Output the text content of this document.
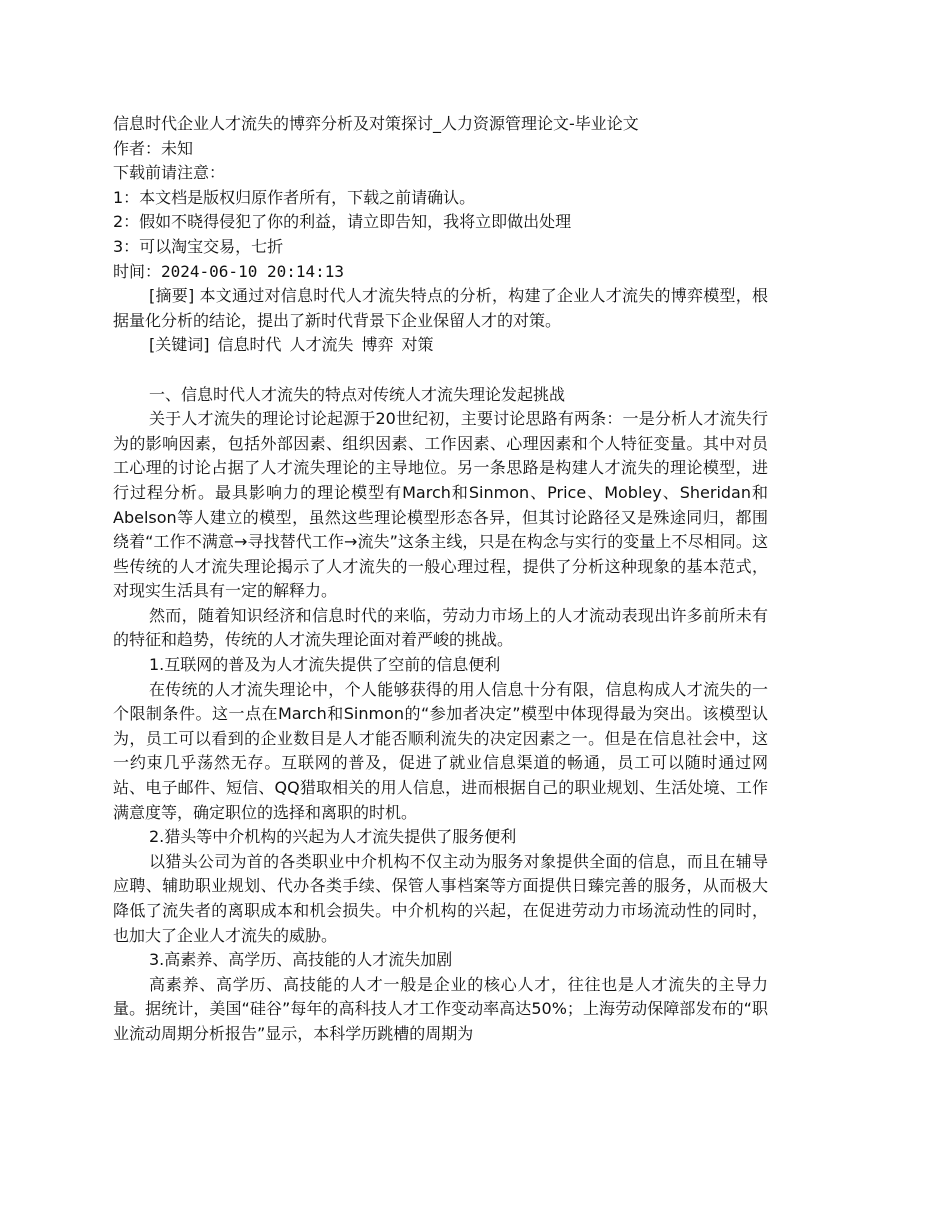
信息时代企业人才流失的博弈分析及对策探讨_人力资源管理论文-毕业论文
作者：未知
下载前请注意：
1：本文档是版权归原作者所有，下载之前请确认。
2：假如不晓得侵犯了你的利益，请立即告知，我将立即做出处理
3：可以淘宝交易，七折
时间：2024-06-10 20:14:13

[摘要] 本文通过对信息时代人才流失特点的分析，构建了企业人才流失的博弈模型，根据量化分析的结论，提出了新时代背景下企业保留人才的对策。

[关键词] 信息时代 人才流失 博弈 对策

一、信息时代人才流失的特点对传统人才流失理论发起挑战

关于人才流失的理论讨论起源于20世纪初，主要讨论思路有两条：一是分析人才流失行为的影响因素，包括外部因素、组织因素、工作因素、心理因素和个人特征变量。其中对员工心理的讨论占据了人才流失理论的主导地位。另一条思路是构建人才流失的理论模型，进行过程分析。最具影响力的理论模型有March和Sinmon、Price、Mobley、Sheridan和Abelson等人建立的模型，虽然这些理论模型形态各异，但其讨论路径又是殊途同归，都围绕着“工作不满意→寻找替代工作→流失”这条主线，只是在构念与实行的变量上不尽相同。这些传统的人才流失理论揭示了人才流失的一般心理过程，提供了分析这种现象的基本范式，对现实生活具有一定的解释力。

然而，随着知识经济和信息时代的来临，劳动力市场上的人才流动表现出许多前所未有的特征和趋势，传统的人才流失理论面对着严峻的挑战。

1.互联网的普及为人才流失提供了空前的信息便利

在传统的人才流失理论中，个人能够获得的用人信息十分有限，信息构成人才流失的一个限制条件。这一点在March和Sinmon的“参加者决定”模型中体现得最为突出。该模型认为，员工可以看到的企业数目是人才能否顺利流失的决定因素之一。但是在信息社会中，这一约束几乎荡然无存。互联网的普及，促进了就业信息渠道的畅通，员工可以随时通过网站、电子邮件、短信、QQ猎取相关的用人信息，进而根据自己的职业规划、生活处境、工作满意度等，确定职位的选择和离职的时机。

2.猎头等中介机构的兴起为人才流失提供了服务便利

以猎头公司为首的各类职业中介机构不仅主动为服务对象提供全面的信息，而且在辅导应聘、辅助职业规划、代办各类手续、保管人事档案等方面提供日臻完善的服务，从而极大降低了流失者的离职成本和机会损失。中介机构的兴起，在促进劳动力市场流动性的同时，也加大了企业人才流失的威胁。

3.高素养、高学历、高技能的人才流失加剧

高素养、高学历、高技能的人才一般是企业的核心人才，往往也是人才流失的主导力量。据统计，美国“硅谷”每年的高科技人才工作变动率高达50%；上海劳动保障部发布的“职业流动周期分析报告”显示，本科学历跳槽的周期为
